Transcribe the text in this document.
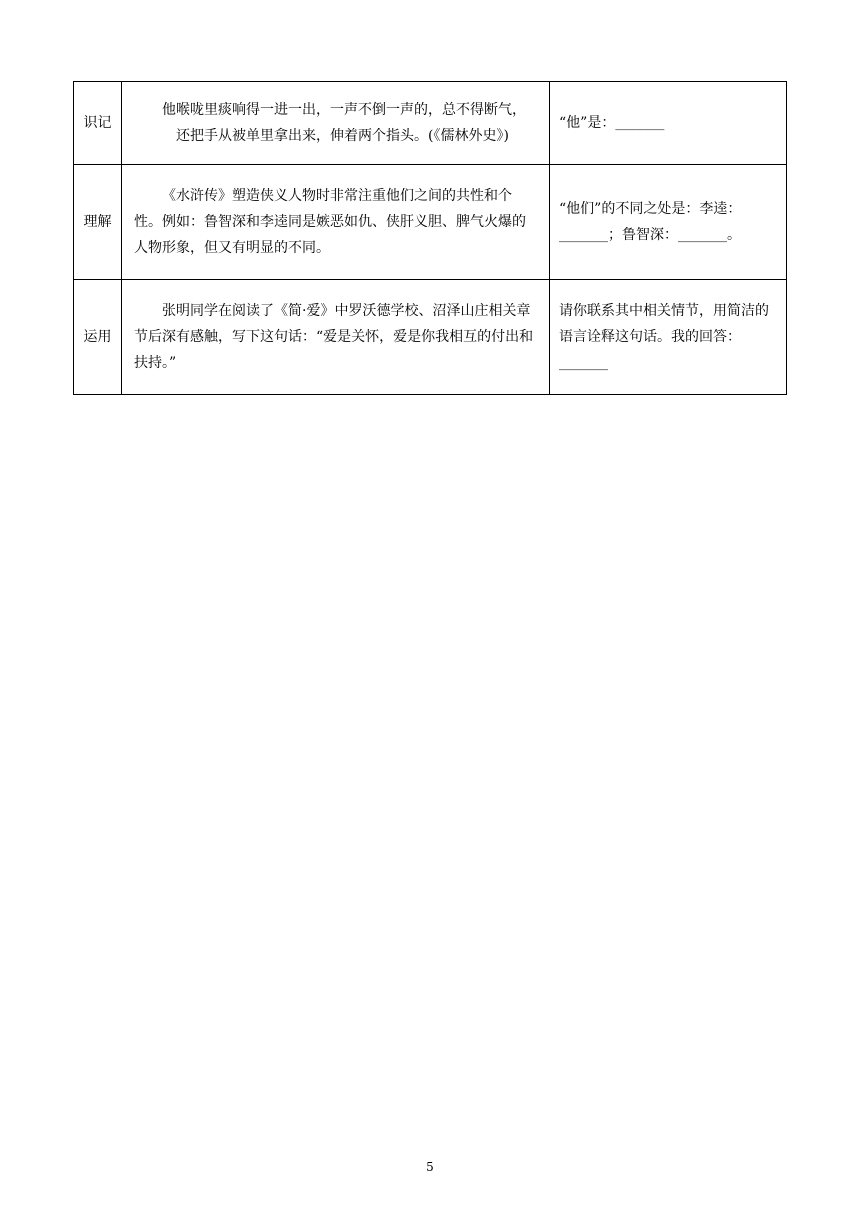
识记	他喉咙里痰响得一进一出，一声不倒一声的，总不得断气，
还把手从被单里拿出来，伸着两个指头。(《儒林外史》)	“他”是：_______
理解	《水浒传》塑造侠义人物时非常注重他们之间的共性和个性。例如：鲁智深和李逵同是嫉恶如仇、侠肝义胆、脾气火爆的人物形象，但又有明显的不同。	“他们”的不同之处是：李逵：_______；鲁智深：_______。
运用	张明同学在阅读了《简·爱》中罗沃德学校、沼泽山庄相关章节后深有感触，写下这句话：“爱是关怀，爱是你我相互的付出和扶持。”	请你联系其中相关情节，用简洁的语言诠释这句话。我的回答：_______
5
